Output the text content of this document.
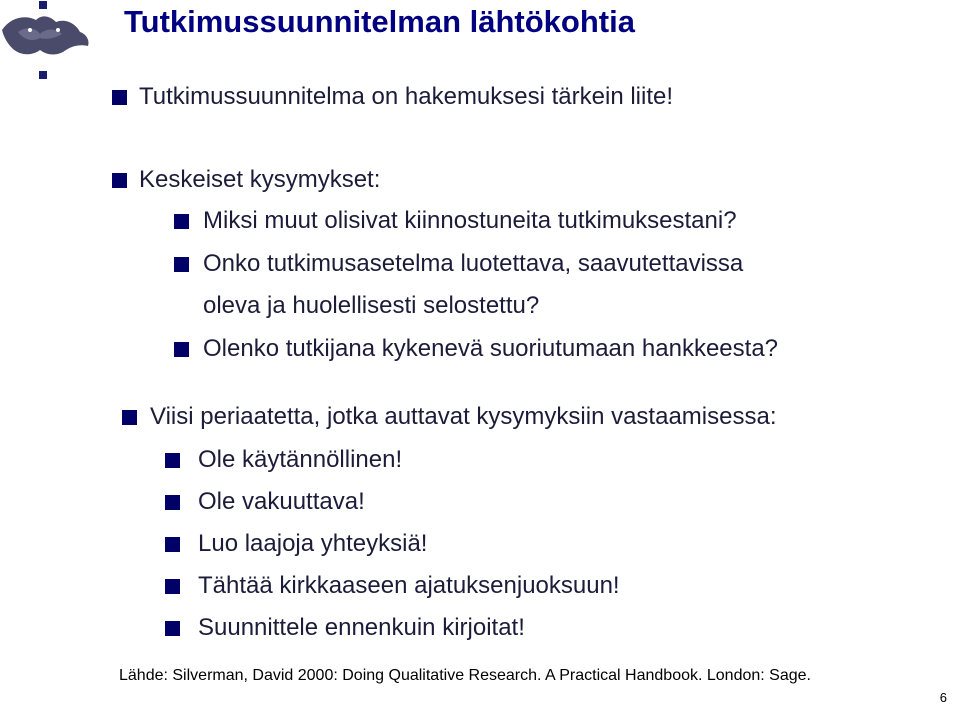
Tutkimussuunnitelman lähtökohtia
Tutkimussuunnitelma on hakemuksesi tärkein liite!
Keskeiset kysymykset:
Miksi muut olisivat kiinnostuneita tutkimuksestani?
Onko tutkimusasetelma luotettava, saavutettavissa
oleva ja huolellisesti selostettu?
Olenko tutkijana kykenevä suoriutumaan hankkeesta?
Viisi periaatetta, jotka auttavat kysymyksiin vastaamisessa:
Ole käytännöllinen!
Ole vakuuttava!
Luo laajoja yhteyksiä!
Tähtää kirkkaaseen ajatuksenjuoksuun!
Suunnittele ennenkuin kirjoitat!
Lähde: Silverman, David 2000: Doing Qualitative Research. A Practical Handbook. London: Sage.
6
